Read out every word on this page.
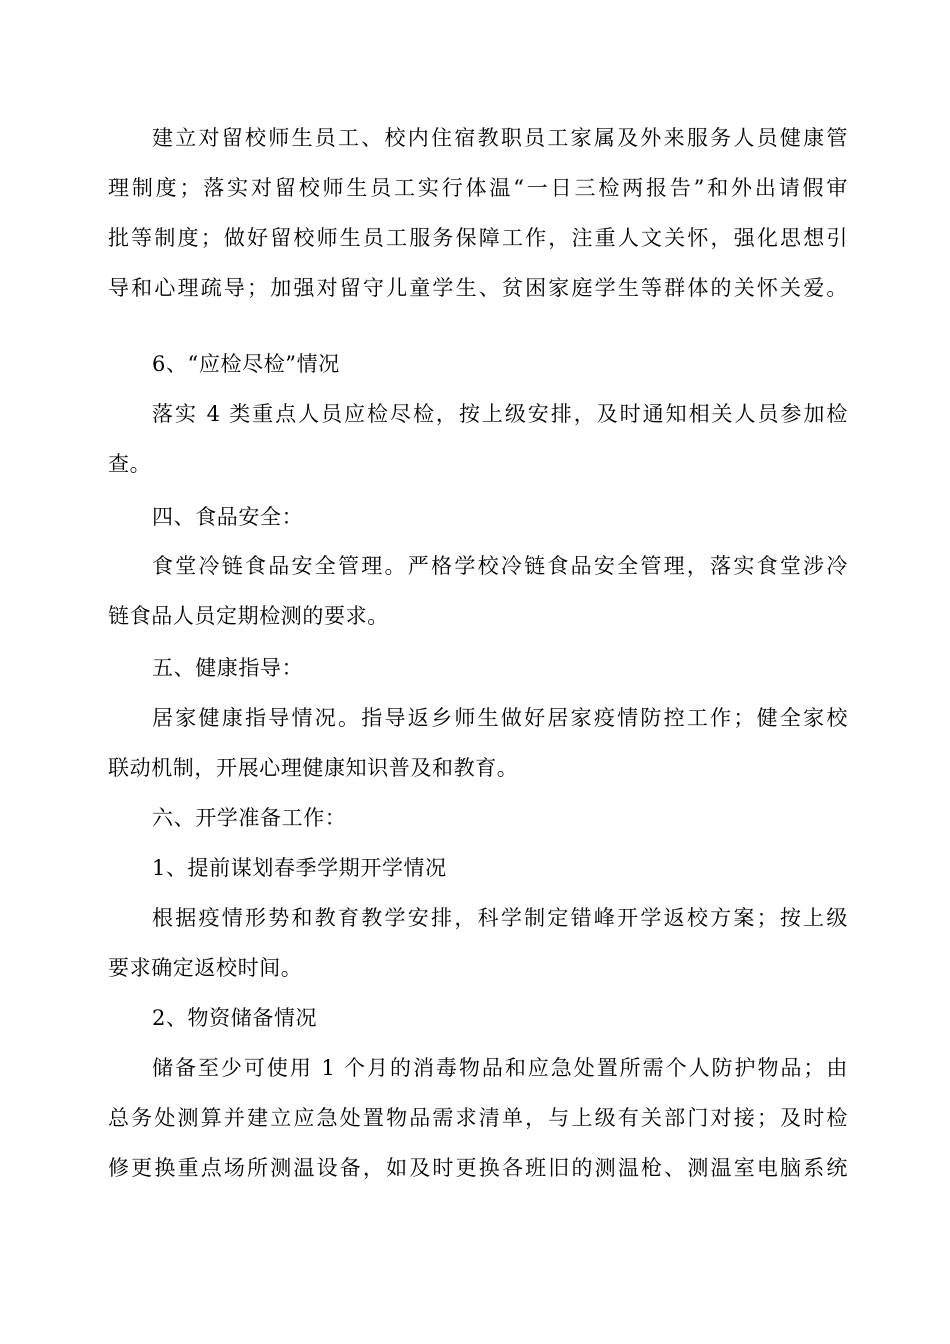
建立对留校师生员工、校内住宿教职员工家属及外来服务人员健康管
理制度；落实对留校师生员工实行体温“一日三检两报告”和外出请假审
批等制度；做好留校师生员工服务保障工作，注重人文关怀，强化思想引
导和心理疏导；加强对留守儿童学生、贫困家庭学生等群体的关怀关爱。
6、“应检尽检”情况
落实 4 类重点人员应检尽检，按上级安排，及时通知相关人员参加检
查。
四、食品安全：
食堂冷链食品安全管理。严格学校冷链食品安全管理，落实食堂涉冷
链食品人员定期检测的要求。
五、健康指导：
居家健康指导情况。指导返乡师生做好居家疫情防控工作；健全家校
联动机制，开展心理健康知识普及和教育。
六、开学准备工作：
1、提前谋划春季学期开学情况
根据疫情形势和教育教学安排，科学制定错峰开学返校方案；按上级
要求确定返校时间。
2、物资储备情况
储备至少可使用 1 个月的消毒物品和应急处置所需个人防护物品；由
总务处测算并建立应急处置物品需求清单，与上级有关部门对接；及时检
修更换重点场所测温设备，如及时更换各班旧的测温枪、测温室电脑系统
